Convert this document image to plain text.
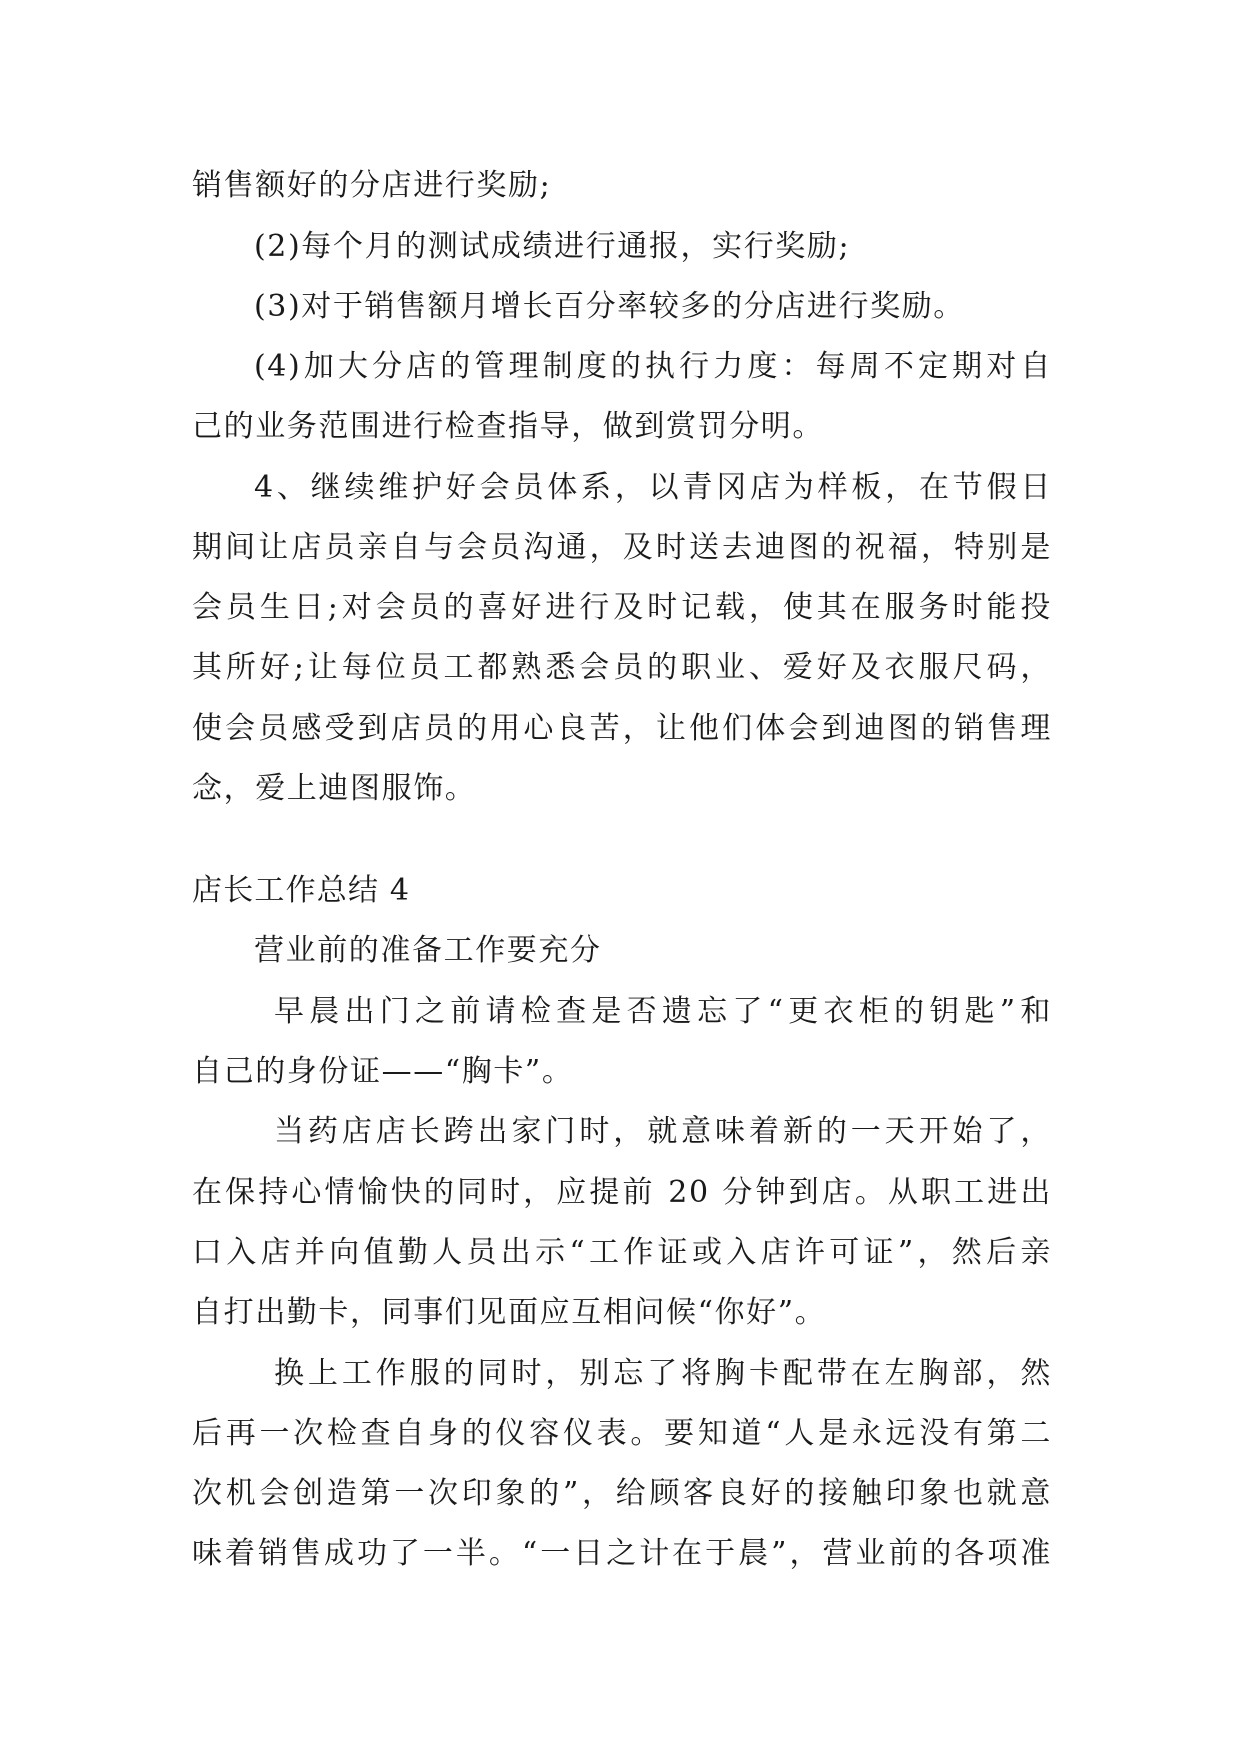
销售额好的分店进行奖励;
(2)每个月的测试成绩进行通报，实行奖励;
(3)对于销售额月增长百分率较多的分店进行奖励。
(4)加大分店的管理制度的执行力度：每周不定期对自
己的业务范围进行检查指导，做到赏罚分明。
4、继续维护好会员体系，以青冈店为样板，在节假日
期间让店员亲自与会员沟通，及时送去迪图的祝福，特别是
会员生日;对会员的喜好进行及时记载，使其在服务时能投
其所好;让每位员工都熟悉会员的职业、爱好及衣服尺码，
使会员感受到店员的用心良苦，让他们体会到迪图的销售理
念，爱上迪图服饰。
店长工作总结 4
营业前的准备工作要充分
早晨出门之前请检查是否遗忘了“更衣柜的钥匙”和
自己的身份证——“胸卡”。
当药店店长跨出家门时，就意味着新的一天开始了，
在保持心情愉快的同时，应提前 20 分钟到店。从职工进出
口入店并向值勤人员出示“工作证或入店许可证”，然后亲
自打出勤卡，同事们见面应互相问候“你好”。
换上工作服的同时，别忘了将胸卡配带在左胸部，然
后再一次检查自身的仪容仪表。要知道“人是永远没有第二
次机会创造第一次印象的”，给顾客良好的接触印象也就意
味着销售成功了一半。“一日之计在于晨”，营业前的各项准
